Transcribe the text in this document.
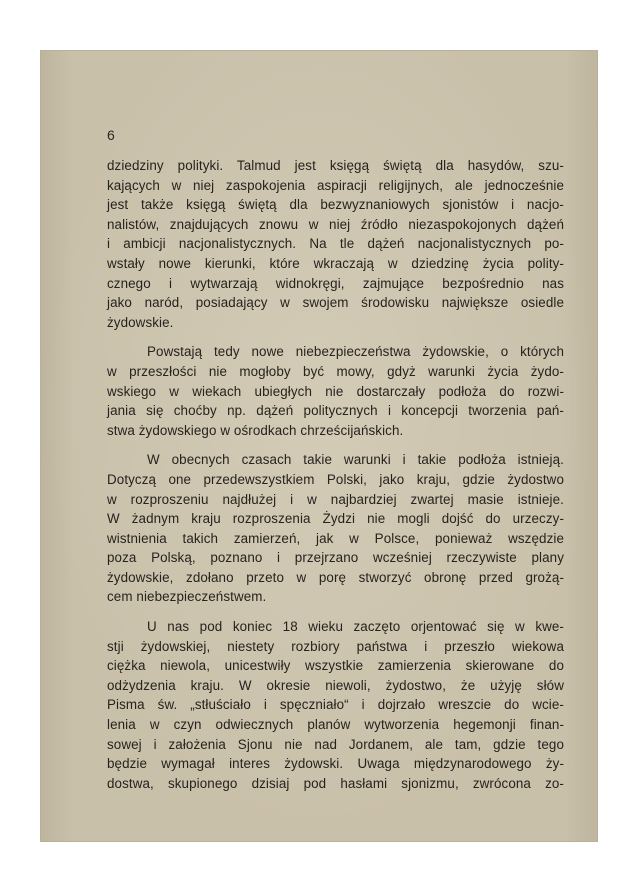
6
dziedziny polityki. Talmud jest księgą świętą dla hasydów, szu-
kających w niej zaspokojenia aspiracji religijnych, ale jednocześnie
jest także księgą świętą dla bezwyznaniowych sjonistów i nacjo-
nalistów, znajdujących znowu w niej źródło niezaspokojonych dążeń
i ambicji nacjonalistycznych. Na tle dążeń nacjonalistycznych po-
wstały nowe kierunki, które wkraczają w dziedzinę życia polity-
cznego i wytwarzają widnokręgi, zajmujące bezpośrednio nas
jako naród, posiadający w swojem środowisku największe osiedle
żydowskie.
Powstają tedy nowe niebezpieczeństwa żydowskie, o których
w przeszłości nie mogłoby być mowy, gdyż warunki życia żydo-
wskiego w wiekach ubiegłych nie dostarczały podłoża do rozwi-
jania się choćby np. dążeń politycznych i koncepcji tworzenia pań-
stwa żydowskiego w ośrodkach chrześcijańskich.
W obecnych czasach takie warunki i takie podłoża istnieją.
Dotyczą one przedewszystkiem Polski, jako kraju, gdzie żydostwo
w rozproszeniu najdłużej i w najbardziej zwartej masie istnieje.
W żadnym kraju rozproszenia Żydzi nie mogli dojść do urzeczy-
wistnienia takich zamierzeń, jak w Polsce, ponieważ wszędzie
poza Polską, poznano i przejrzano wcześniej rzeczywiste plany
żydowskie, zdołano przeto w porę stworzyć obronę przed grożą-
cem niebezpieczeństwem.
U nas pod koniec 18 wieku zaczęto orjentować się w kwe-
stji żydowskiej, niestety rozbiory państwa i przeszło wiekowa
ciężka niewola, unicestwiły wszystkie zamierzenia skierowane do
odżydzenia kraju. W okresie niewoli, żydostwo, że użyję słów
Pisma św. „stłuściało i spęczniało“ i dojrzało wreszcie do wcie-
lenia w czyn odwiecznych planów wytworzenia hegemonji finan-
sowej i założenia Sjonu nie nad Jordanem, ale tam, gdzie tego
będzie wymagał interes żydowski. Uwaga międzynarodowego ży-
dostwa, skupionego dzisiaj pod hasłami sjonizmu, zwrócona zo-
